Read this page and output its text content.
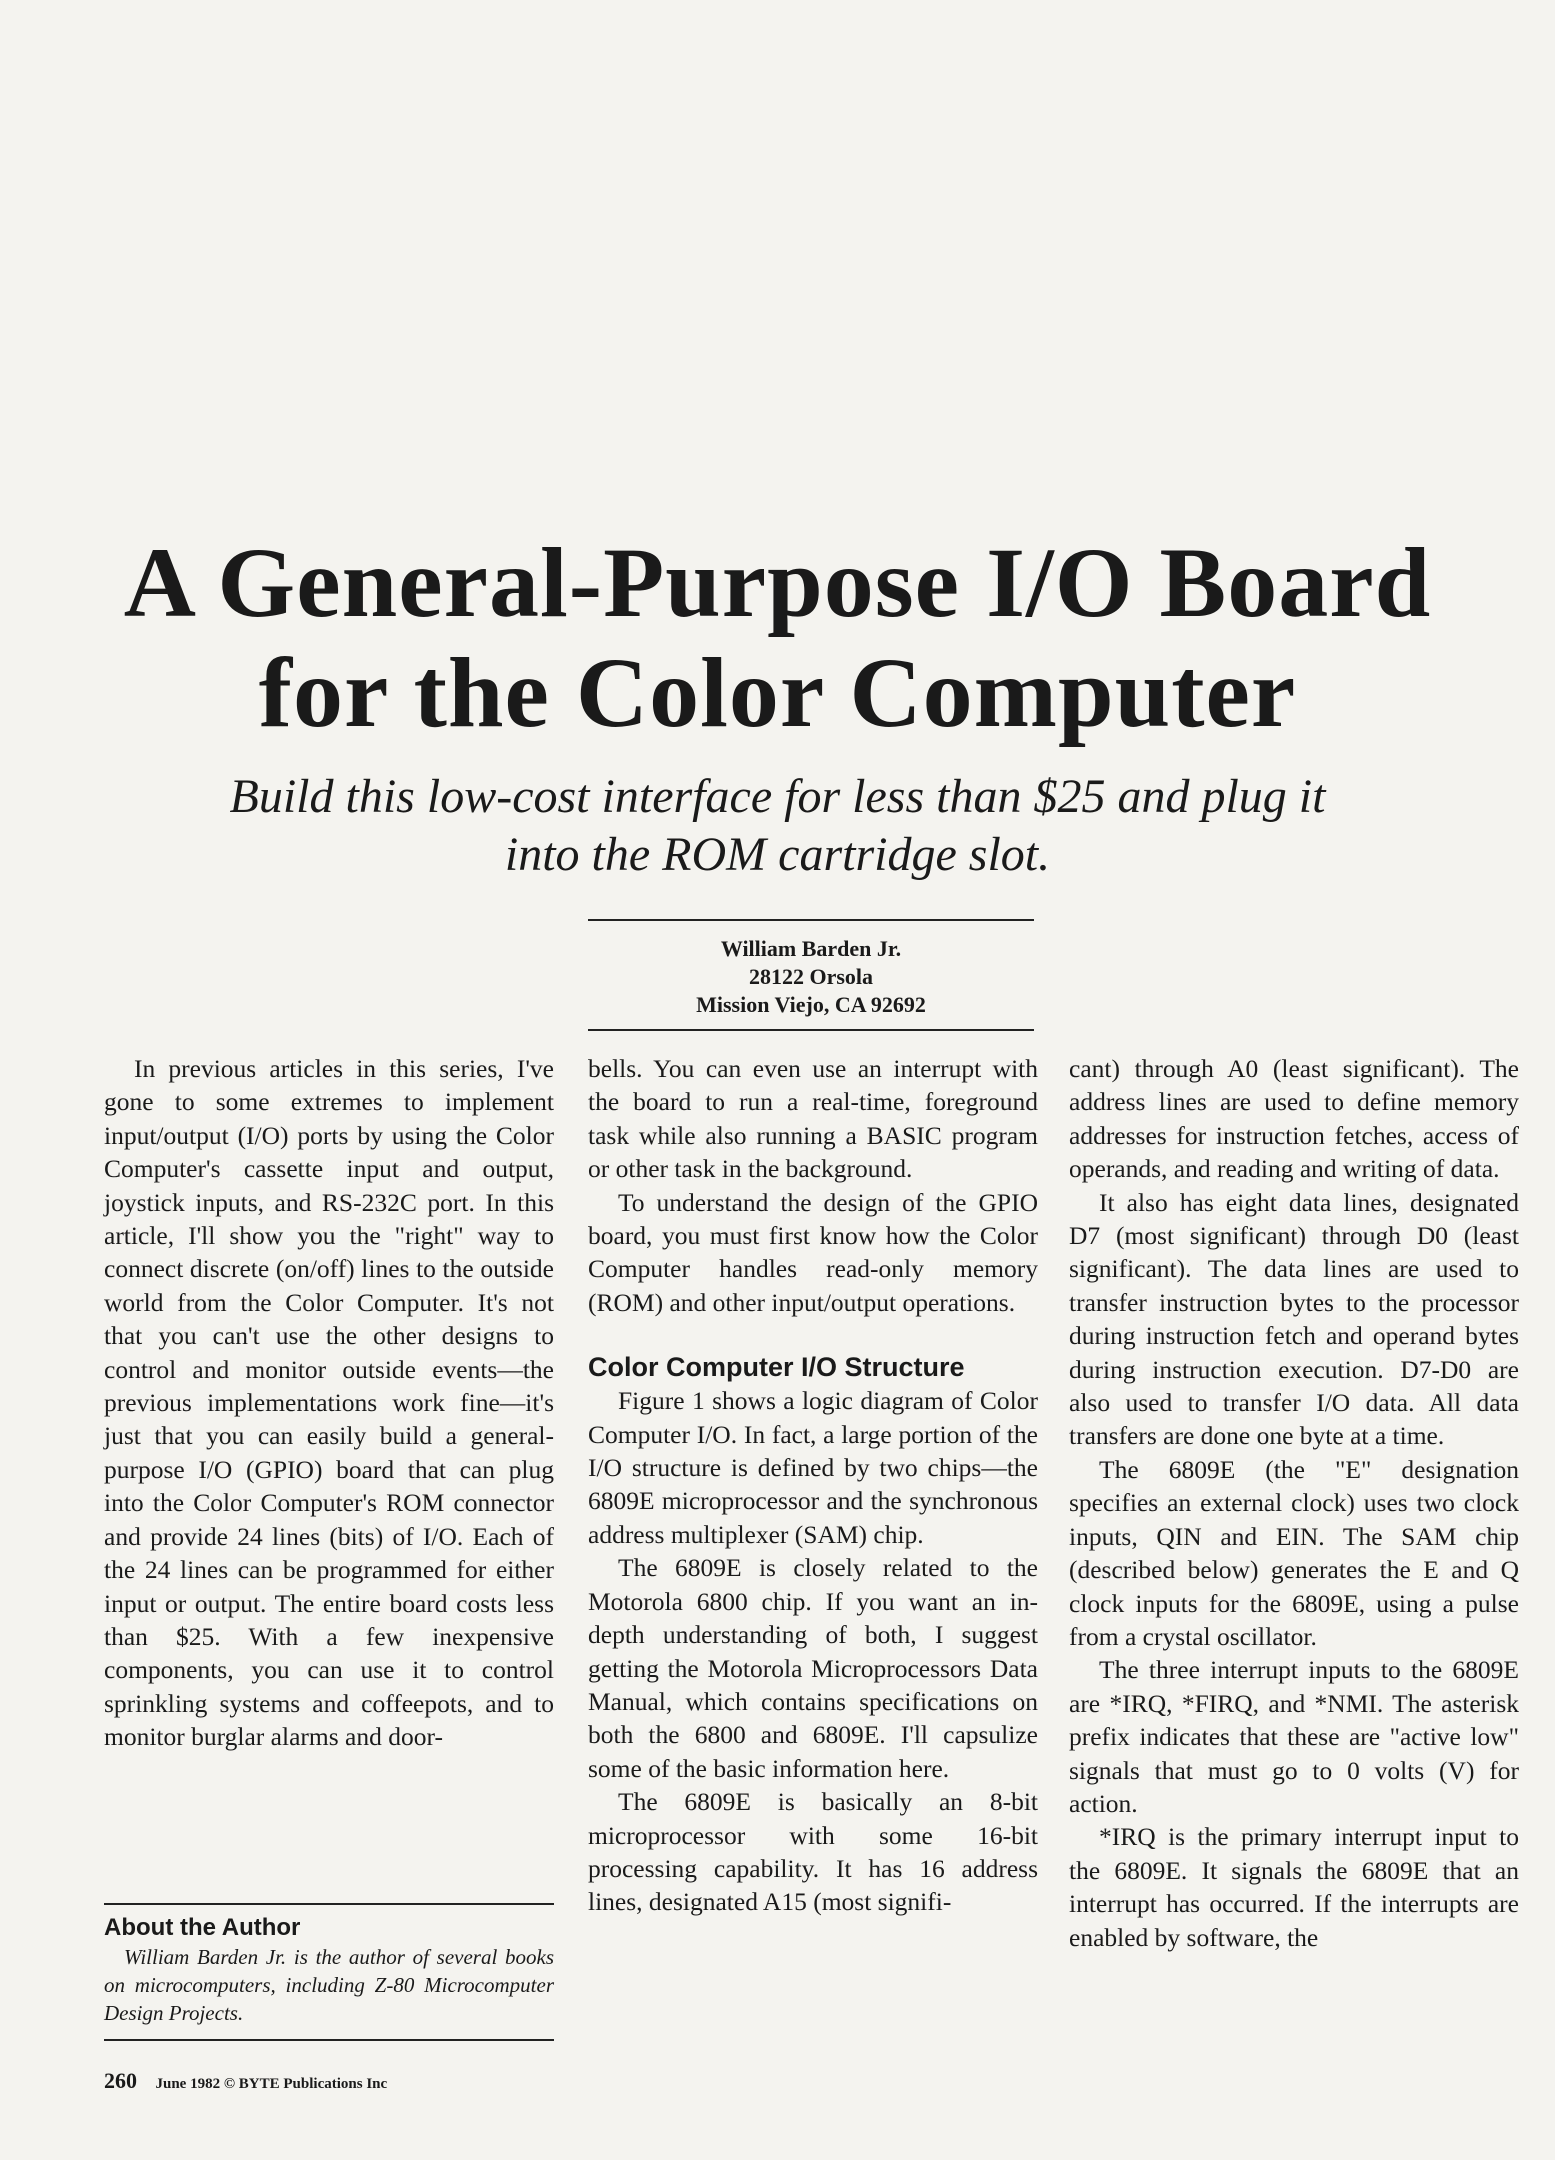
A General-Purpose I/O Board
for the Color Computer
Build this low-cost interface for less than $25 and plug it
into the ROM cartridge slot.
William Barden Jr.
28122 Orsola
Mission Viejo, CA 92692

In previous articles in this series, I've gone to some extremes to implement input/output (I/O) ports by using the Color Computer's cassette input and output, joystick inputs, and RS-232C port. In this article, I'll show you the "right" way to connect discrete (on/off) lines to the outside world from the Color Computer. It's not that you can't use the other designs to control and monitor outside events—the previous implementations work fine—it's just that you can easily build a general-purpose I/O (GPIO) board that can plug into the Color Computer's ROM connector and provide 24 lines (bits) of I/O. Each of the 24 lines can be programmed for either input or output. The entire board costs less than $25. With a few inexpensive components, you can use it to control sprinkling systems and coffeepots, and to monitor burglar alarms and door-

About the Author

William Barden Jr. is the author of several books on microcomputers, including Z-80 Microcomputer Design Projects.

bells. You can even use an interrupt with the board to run a real-time, foreground task while also running a BASIC program or other task in the background.

To understand the design of the GPIO board, you must first know how the Color Computer handles read-only memory (ROM) and other input/output operations.

Color Computer I/O Structure

Figure 1 shows a logic diagram of Color Computer I/O. In fact, a large portion of the I/O structure is defined by two chips—the 6809E microprocessor and the synchronous address multiplexer (SAM) chip.

The 6809E is closely related to the Motorola 6800 chip. If you want an in-depth understanding of both, I suggest getting the Motorola Microprocessors Data Manual, which contains specifications on both the 6800 and 6809E. I'll capsulize some of the basic information here.

The 6809E is basically an 8-bit microprocessor with some 16-bit processing capability. It has 16 address lines, designated A15 (most signifi-

cant) through A0 (least significant). The address lines are used to define memory addresses for instruction fetches, access of operands, and reading and writing of data.

It also has eight data lines, designated D7 (most significant) through D0 (least significant). The data lines are used to transfer instruction bytes to the processor during instruction fetch and operand bytes during instruction execution. D7-D0 are also used to transfer I/O data. All data transfers are done one byte at a time.

The 6809E (the "E" designation specifies an external clock) uses two clock inputs, QIN and EIN. The SAM chip (described below) generates the E and Q clock inputs for the 6809E, using a pulse from a crystal oscillator.

The three interrupt inputs to the 6809E are *IRQ, *FIRQ, and *NMI. The asterisk prefix indicates that these are "active low" signals that must go to 0 volts (V) for action.

*IRQ is the primary interrupt input to the 6809E. It signals the 6809E that an interrupt has occurred. If the interrupts are enabled by software, the

260 June 1982 © BYTE Publications Inc
